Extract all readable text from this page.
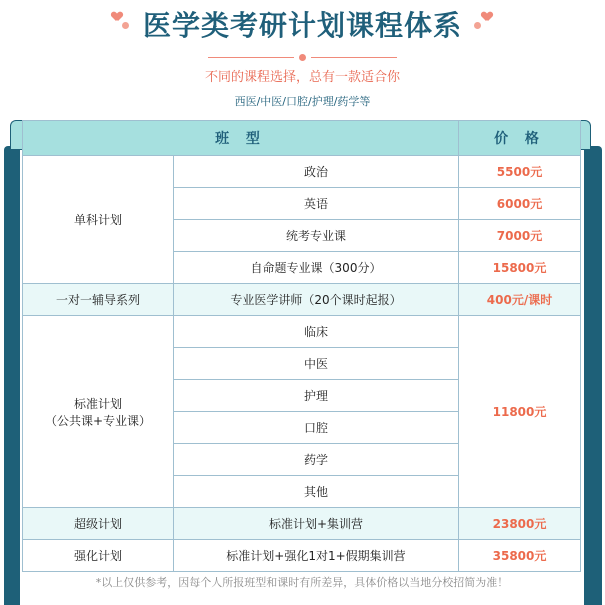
医学类考研计划课程体系
不同的课程选择，总有一款适合你
西医/中医/口腔/护理/药学等
班 型		价 格
单科计划	政治	5500元
	英语	6000元
	统考专业课	7000元
	自命题专业课（300分）	15800元
一对一辅导系列	专业医学讲师（20个课时起报）	400元/课时

标准计划
（公共课+专业课）	临床	11800元
	中医	
	护理	
	口腔	
	药学	
	其他	
超级计划	标准计划+集训营	23800元
强化计划	标准计划+强化1对1+假期集训营	35800元
*以上仅供参考，因每个人所报班型和课时有所差异，具体价格以当地分校招简为准！
